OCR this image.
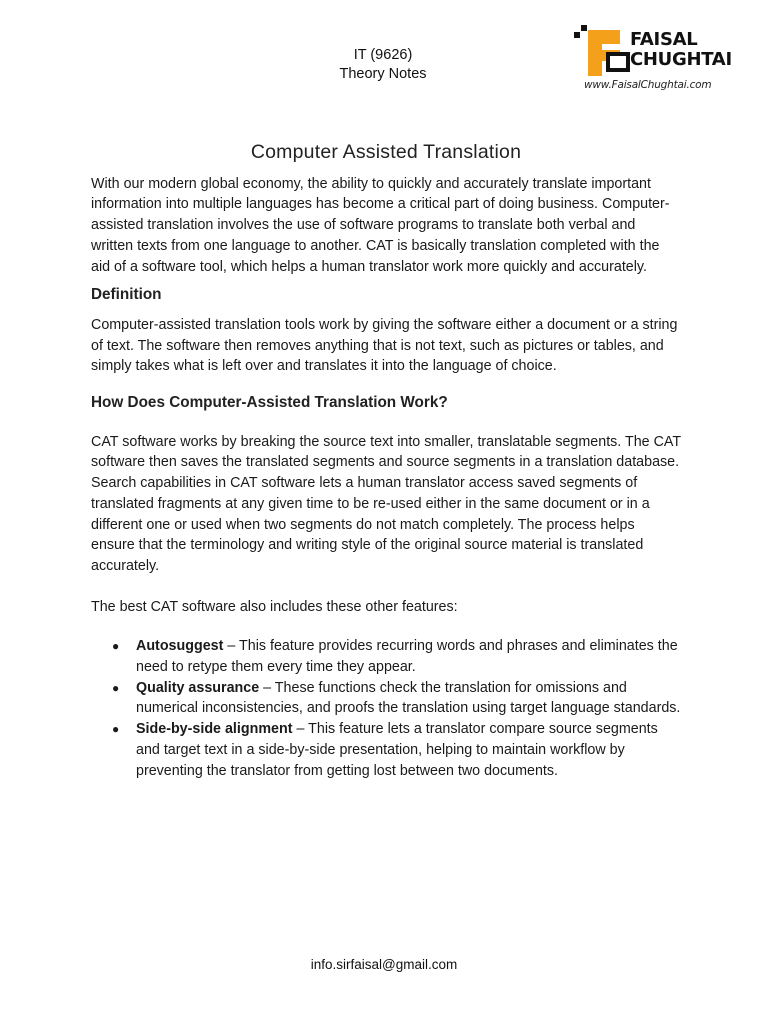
IT (9626)
Theory Notes
FAISAL
CHUGHTAI
www.FaisalChughtai.com
Computer Assisted Translation

With our modern global economy, the ability to quickly and accurately translate important information into multiple languages has become a critical part of doing business. Computer-assisted translation involves the use of software programs to translate both verbal and written texts from one language to another. CAT is basically translation completed with the aid of a software tool, which helps a human translator work more quickly and accurately.

Definition

Computer-assisted translation tools work by giving the software either a document or a string of text. The software then removes anything that is not text, such as pictures or tables, and simply takes what is left over and translates it into the language of choice.

How Does Computer-Assisted Translation Work?

CAT software works by breaking the source text into smaller, translatable segments. The CAT software then saves the translated segments and source segments in a translation database. Search capabilities in CAT software lets a human translator access saved segments of translated fragments at any given time to be re-used either in the same document or in a different one or used when two segments do not match completely. The process helps ensure that the terminology and writing style of the original source material is translated accurately.

The best CAT software also includes these other features:

● Autosuggest – This feature provides recurring words and phrases and eliminates the need to retype them every time they appear.
● Quality assurance – These functions check the translation for omissions and numerical inconsistencies, and proofs the translation using target language standards.
● Side-by-side alignment – This feature lets a translator compare source segments and target text in a side-by-side presentation, helping to maintain workflow by preventing the translator from getting lost between two documents.
info.sirfaisal@gmail.com
